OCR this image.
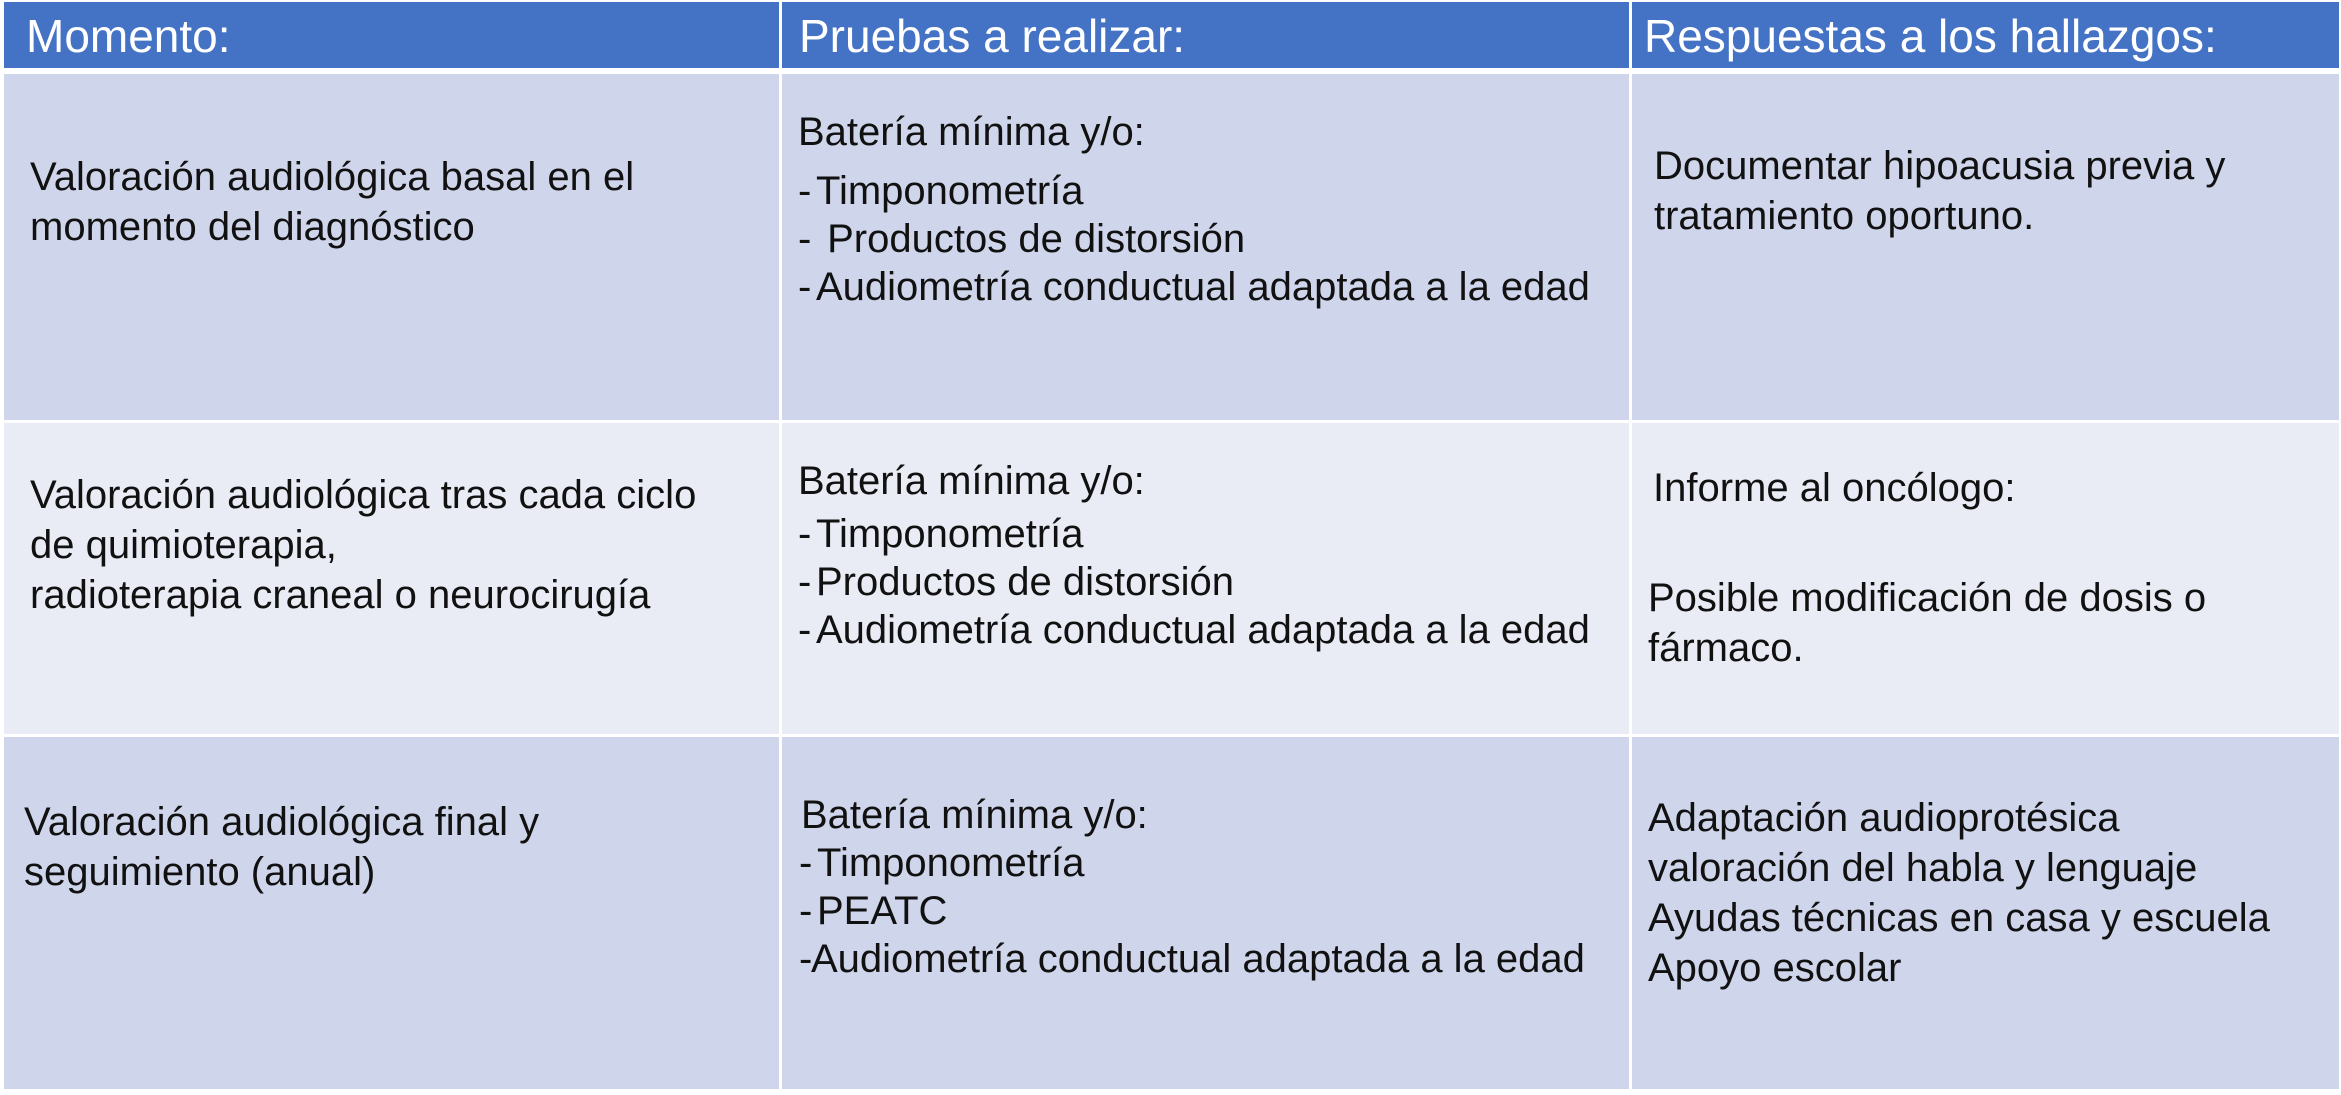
Momento:	Pruebas a realizar:	Respuestas a los hallazgos:
Valoración audiológica basal en el
momento del diagnóstico
Batería mínima y/o:
- Timponometría
- Productos de distorsión
- Audiometría conductual adaptada a la edad
Documentar hipoacusia previa y
tratamiento oportuno.
Valoración audiológica tras cada ciclo
de quimioterapia,
radioterapia craneal o neurocirugía
Batería mínima y/o:
- Timponometría
- Productos de distorsión
- Audiometría conductual adaptada a la edad
Informe al oncólogo:
Posible modificación de dosis o
fármaco.
Valoración audiológica final y
seguimiento (anual)
Batería mínima y/o:
- Timponometría
- PEATC
-Audiometría conductual adaptada a la edad
Adaptación audioprotésica
valoración del habla y lenguaje
Ayudas técnicas en casa y escuela
Apoyo escolar
